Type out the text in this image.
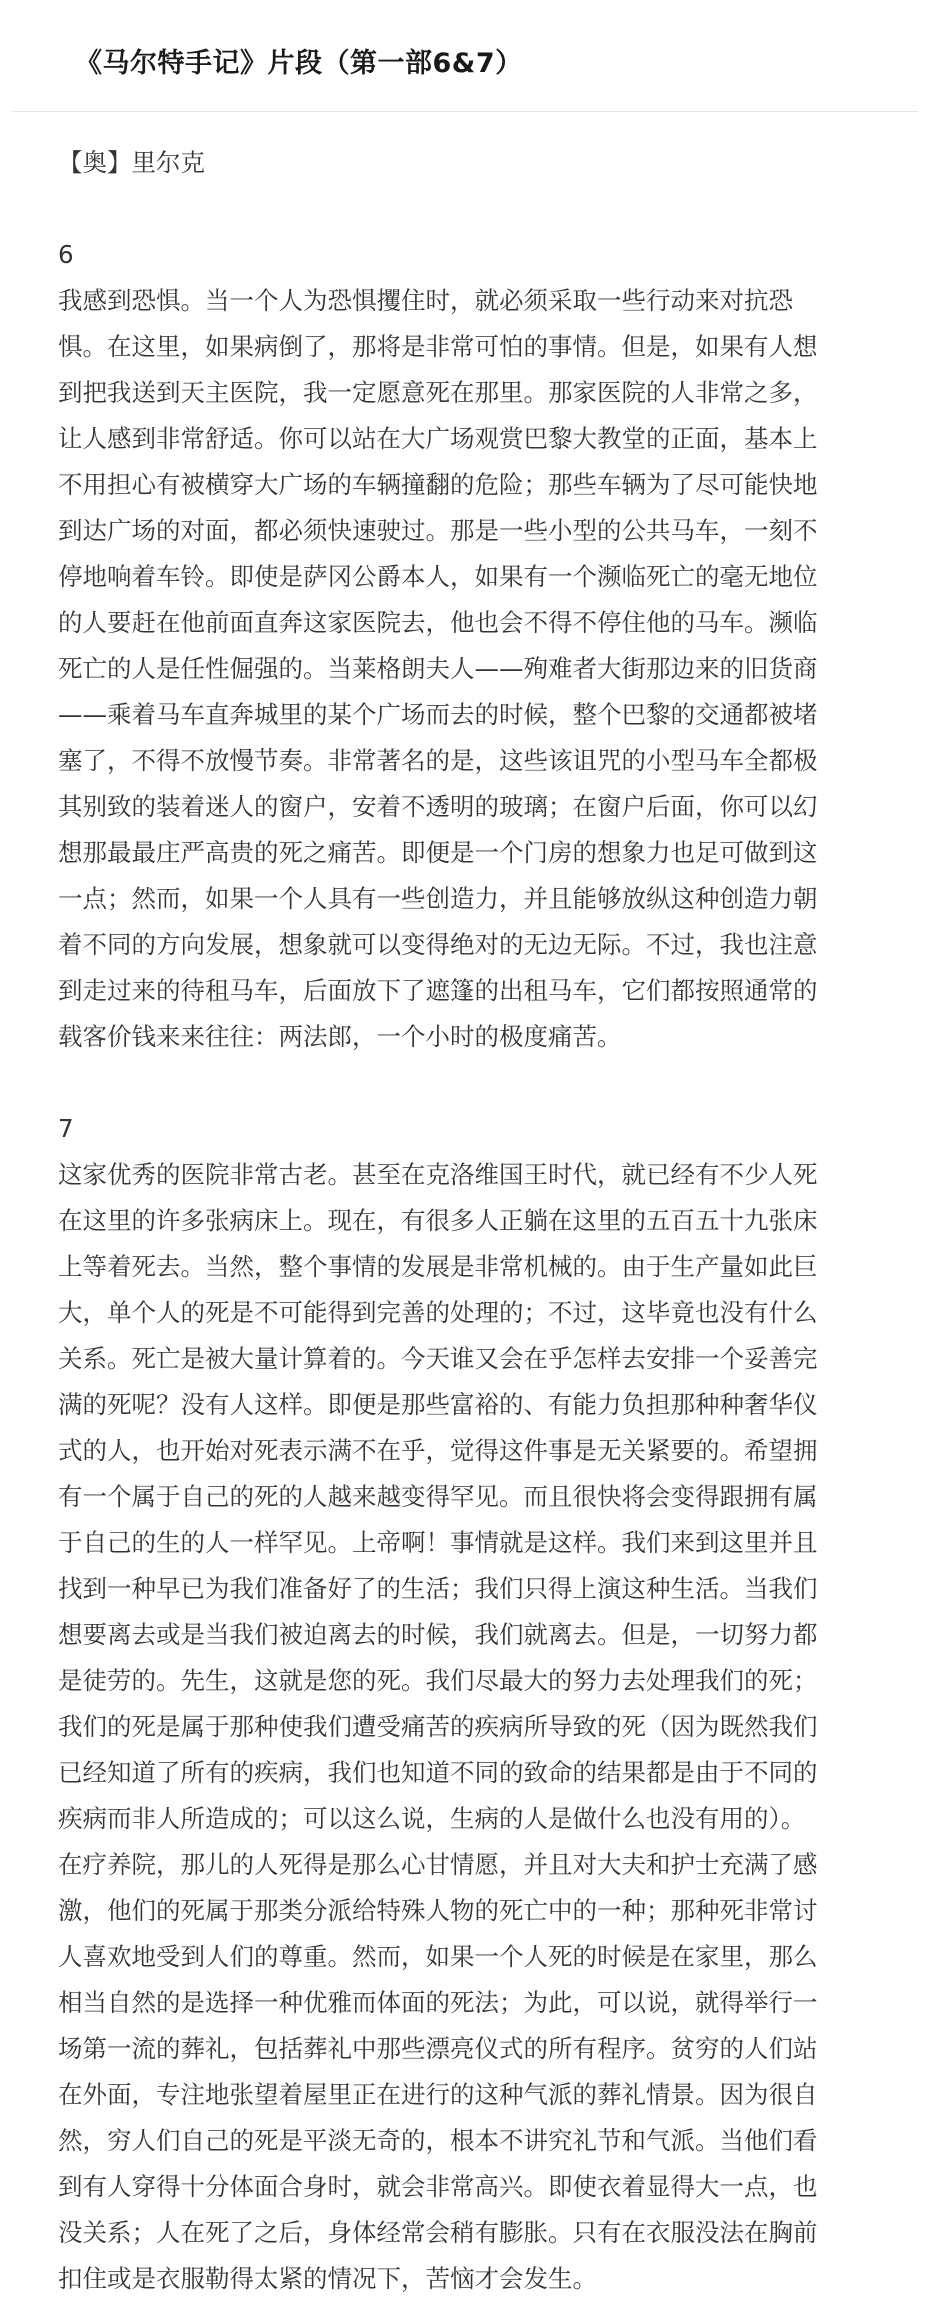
《马尔特手记》片段（第一部6&7）

【奥】里尔克

6

我感到恐惧。当一个人为恐惧攫住时，就必须采取一些行动来对抗恐
惧。在这里，如果病倒了，那将是非常可怕的事情。但是，如果有人想
到把我送到天主医院，我一定愿意死在那里。那家医院的人非常之多，
让人感到非常舒适。你可以站在大广场观赏巴黎大教堂的正面，基本上
不用担心有被横穿大广场的车辆撞翻的危险；那些车辆为了尽可能快地
到达广场的对面，都必须快速驶过。那是一些小型的公共马车，一刻不
停地响着车铃。即使是萨冈公爵本人，如果有一个濒临死亡的毫无地位
的人要赶在他前面直奔这家医院去，他也会不得不停住他的马车。濒临
死亡的人是任性倔强的。当莱格朗夫人——殉难者大街那边来的旧货商
——乘着马车直奔城里的某个广场而去的时候，整个巴黎的交通都被堵
塞了，不得不放慢节奏。非常著名的是，这些该诅咒的小型马车全都极
其别致的装着迷人的窗户，安着不透明的玻璃；在窗户后面，你可以幻
想那最最庄严高贵的死之痛苦。即便是一个门房的想象力也足可做到这
一点；然而，如果一个人具有一些创造力，并且能够放纵这种创造力朝
着不同的方向发展，想象就可以变得绝对的无边无际。不过，我也注意
到走过来的待租马车，后面放下了遮篷的出租马车，它们都按照通常的
载客价钱来来往往：两法郎，一个小时的极度痛苦。

7

这家优秀的医院非常古老。甚至在克洛维国王时代，就已经有不少人死
在这里的许多张病床上。现在，有很多人正躺在这里的五百五十九张床
上等着死去。当然，整个事情的发展是非常机械的。由于生产量如此巨
大，单个人的死是不可能得到完善的处理的；不过，这毕竟也没有什么
关系。死亡是被大量计算着的。今天谁又会在乎怎样去安排一个妥善完
满的死呢？没有人这样。即便是那些富裕的、有能力负担那种种奢华仪
式的人，也开始对死表示满不在乎，觉得这件事是无关紧要的。希望拥
有一个属于自己的死的人越来越变得罕见。而且很快将会变得跟拥有属
于自己的生的人一样罕见。上帝啊！事情就是这样。我们来到这里并且
找到一种早已为我们准备好了的生活；我们只得上演这种生活。当我们
想要离去或是当我们被迫离去的时候，我们就离去。但是，一切努力都
是徒劳的。先生，这就是您的死。我们尽最大的努力去处理我们的死；
我们的死是属于那种使我们遭受痛苦的疾病所导致的死（因为既然我们
已经知道了所有的疾病，我们也知道不同的致命的结果都是由于不同的
疾病而非人所造成的；可以这么说，生病的人是做什么也没有用的）。
在疗养院，那儿的人死得是那么心甘情愿，并且对大夫和护士充满了感
激，他们的死属于那类分派给特殊人物的死亡中的一种；那种死非常讨
人喜欢地受到人们的尊重。然而，如果一个人死的时候是在家里，那么
相当自然的是选择一种优雅而体面的死法；为此，可以说，就得举行一
场第一流的葬礼，包括葬礼中那些漂亮仪式的所有程序。贫穷的人们站
在外面，专注地张望着屋里正在进行的这种气派的葬礼情景。因为很自
然，穷人们自己的死是平淡无奇的，根本不讲究礼节和气派。当他们看
到有人穿得十分体面合身时，就会非常高兴。即使衣着显得大一点，也
没关系；人在死了之后，身体经常会稍有膨胀。只有在衣服没法在胸前
扣住或是衣服勒得太紧的情况下，苦恼才会发生。
